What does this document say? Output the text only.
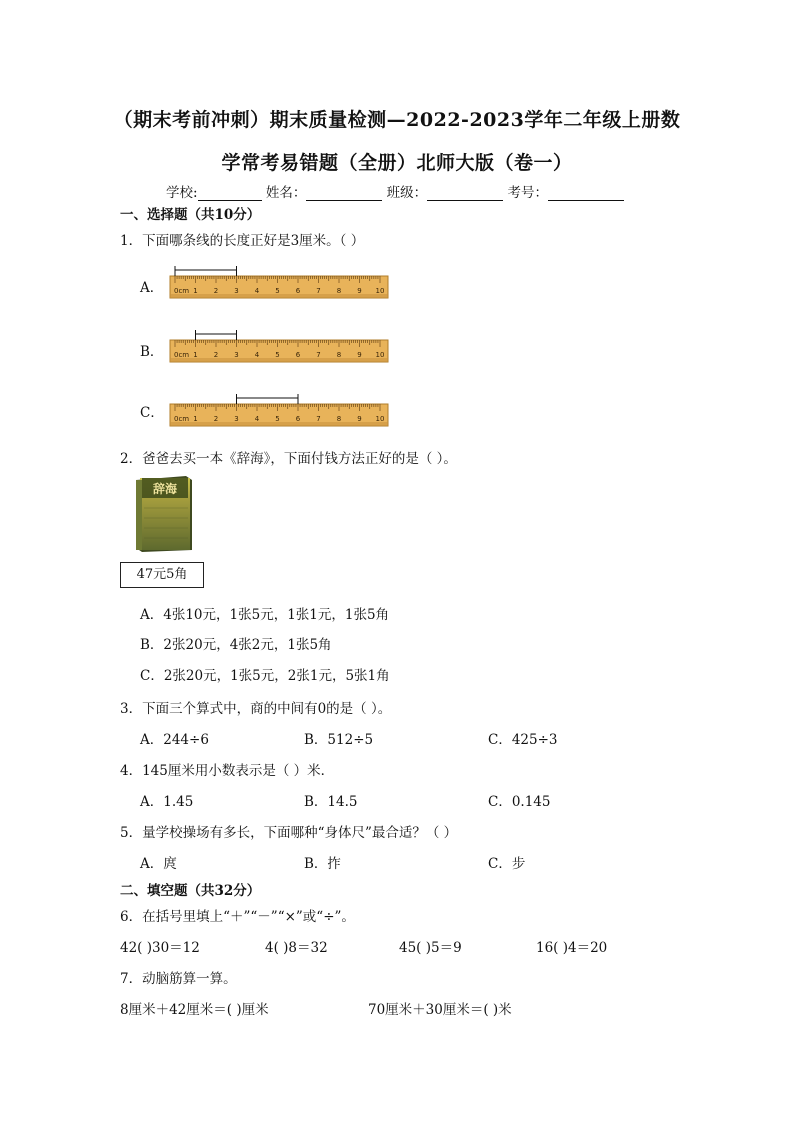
（期末考前冲刺）期末质量检测—2022-2023学年二年级上册数
学常考易错题（全册）北师大版（卷一）
学校:	姓名：	班级：	考号：
一、选择题（共10分）
1．下面哪条线的长度正好是3厘米。（ ）
A．
B．
C．
0cm 1 2 3 4 5 6 7 8 9 10
0cm 1 2 3 4 5 6 7 8 9 10
0cm 1 2 3 4 5 6 7 8 9 10
2．爸爸去买一本《辞海》，下面付钱方法正好的是（ ）。
辞海
47元5角
A．4张10元，1张5元，1张1元，1张5角
B．2张20元，4张2元，1张5角
C．2张20元，1张5元，2张1元，5张1角
3．下面三个算式中，商的中间有0的是（ ）。
A．244÷6	B．512÷5	C．425÷3
4．145厘米用小数表示是（ ）米．
A．1.45	B．14.5	C．0.145
5．量学校操场有多长，下面哪种“身体尺”最合适？（ ）
A．庹	B．拃	C．步
二、填空题（共32分）
6．在括号里填上“＋”“－”“×”或“÷”。
42( )30＝12	4( )8＝32	45( )5＝9	16( )4＝20
7．动脑筋算一算。
8厘米＋42厘米＝( )厘米	70厘米＋30厘米＝( )米
